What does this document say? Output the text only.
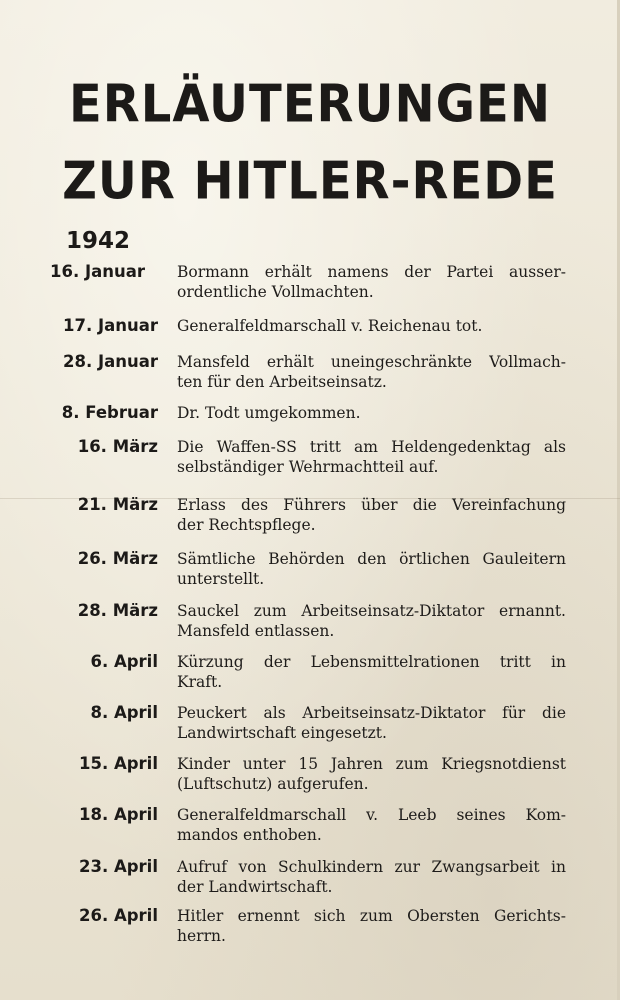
ERLÄUTERUNGEN
ZUR HITLER-REDE
1942
16. Januar	Bormann erhält namens der Partei ausser-
ordentliche Vollmachten.
17. Januar Generalfeldmarschall v. Reichenau tot.
28. Januar Mansfeld erhält uneingeschränkte Vollmach-
ten für den Arbeitseinsatz.
8. Februar Dr. Todt umgekommen.
16. März Die Waffen-SS tritt am Heldengedenktag als
selbständiger Wehrmachtteil auf.
21. März Erlass des Führers über die Vereinfachung
der Rechtspflege.
26. März Sämtliche Behörden den örtlichen Gauleitern
unterstellt.
28. März Sauckel zum Arbeitseinsatz-Diktator ernannt.
Mansfeld entlassen.
6. April Kürzung der Lebensmittelrationen tritt in
Kraft.
8. April Peuckert als Arbeitseinsatz-Diktator für die
Landwirtschaft eingesetzt.
15. April Kinder unter 15 Jahren zum Kriegsnotdienst
(Luftschutz) aufgerufen.
18. April Generalfeldmarschall v. Leeb seines Kom-
mandos enthoben.
23. April Aufruf von Schulkindern zur Zwangsarbeit in
der Landwirtschaft.
26. April Hitler ernennt sich zum Obersten Gerichts-
herrn.
